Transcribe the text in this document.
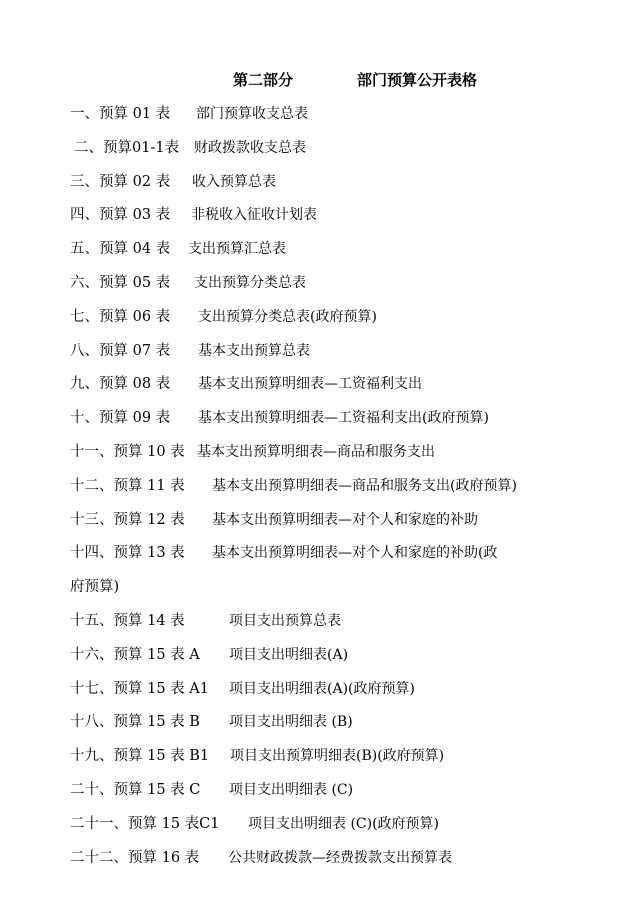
第二部分	部门预算公开表格
一、预算 01 表 部门预算收支总表
二、预算01-1表 财政拨款收支总表
三、预算 02 表 收入预算总表
四、预算 03 表 非税收入征收计划表
五、预算 04 表 支出预算汇总表
六、预算 05 表 支出预算分类总表
七、预算 06 表 支出预算分类总表(政府预算)
八、预算 07 表 基本支出预算总表
九、预算 08 表 基本支出预算明细表—工资福利支出
十、预算 09 表 基本支出预算明细表—工资福利支出(政府预算)
十一、预算 10 表 基本支出预算明细表—商品和服务支出
十二、预算 11 表 基本支出预算明细表—商品和服务支出(政府预算)
十三、预算 12 表 基本支出预算明细表—对个人和家庭的补助
十四、预算 13 表 基本支出预算明细表—对个人和家庭的补助(政
府预算)
十五、预算 14 表	项目支出预算总表
十六、预算 15 表 A 项目支出明细表(A)
十七、预算 15 表 A1 项目支出明细表(A)(政府预算)
十八、预算 15 表 B 项目支出明细表 (B)
十九、预算 15 表 B1 项目支出预算明细表(B)(政府预算)
二十、预算 15 表 C 项目支出明细表 (C)
二十一、预算 15 表C1 项目支出明细表 (C)(政府预算)
二十二、预算 16 表 公共财政拨款—经费拨款支出预算表
